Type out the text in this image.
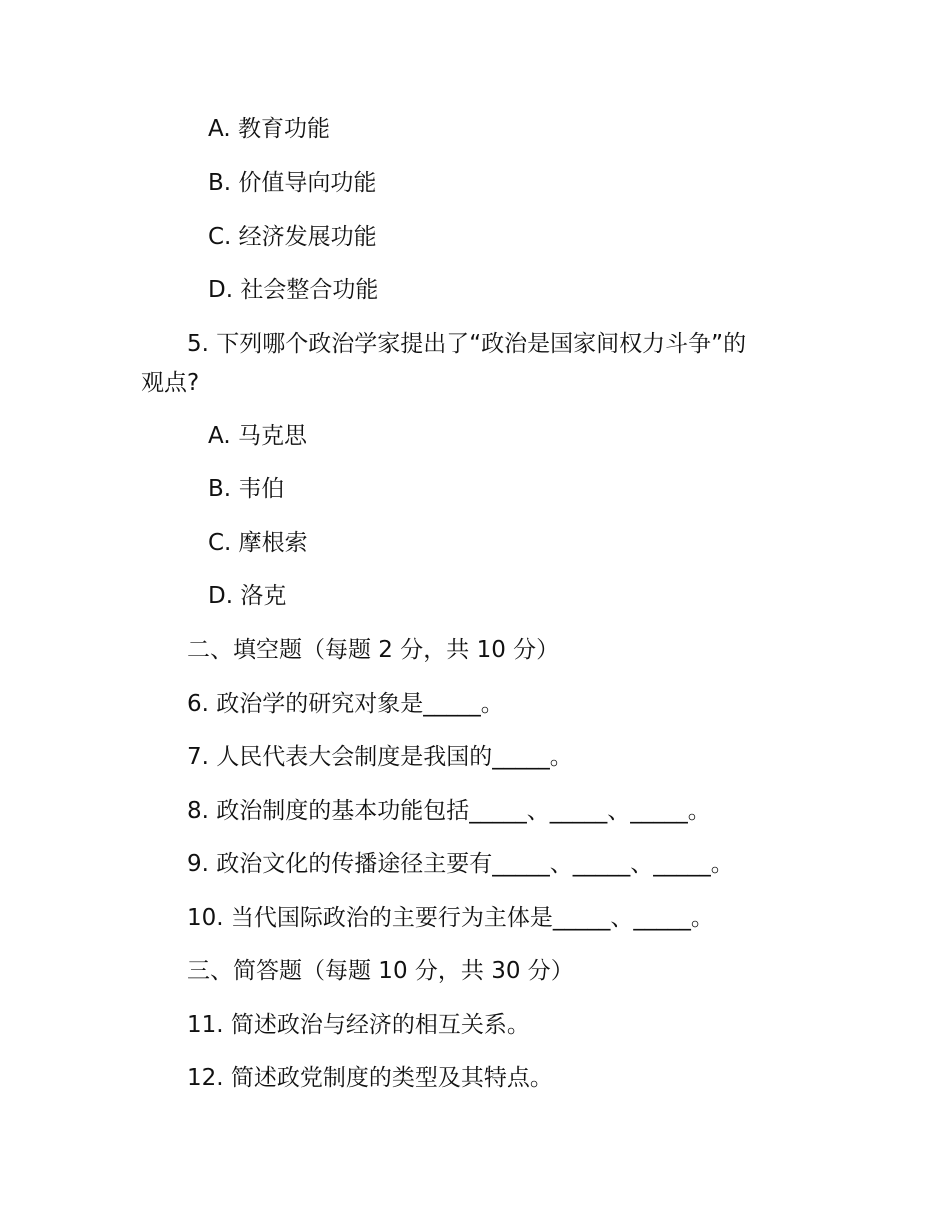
A. 教育功能
B. 价值导向功能
C. 经济发展功能
D. 社会整合功能
5. 下列哪个政治学家提出了“政治是国家间权力斗争”的
观点?
A. 马克思
B. 韦伯
C. 摩根索
D. 洛克
二、填空题（每题 2 分，共 10 分）
6. 政治学的研究对象是_____。
7. 人民代表大会制度是我国的_____。
8. 政治制度的基本功能包括_____、_____、_____。
9. 政治文化的传播途径主要有_____、_____、_____。
10. 当代国际政治的主要行为主体是_____、_____。
三、简答题（每题 10 分，共 30 分）
11. 简述政治与经济的相互关系。
12. 简述政党制度的类型及其特点。
